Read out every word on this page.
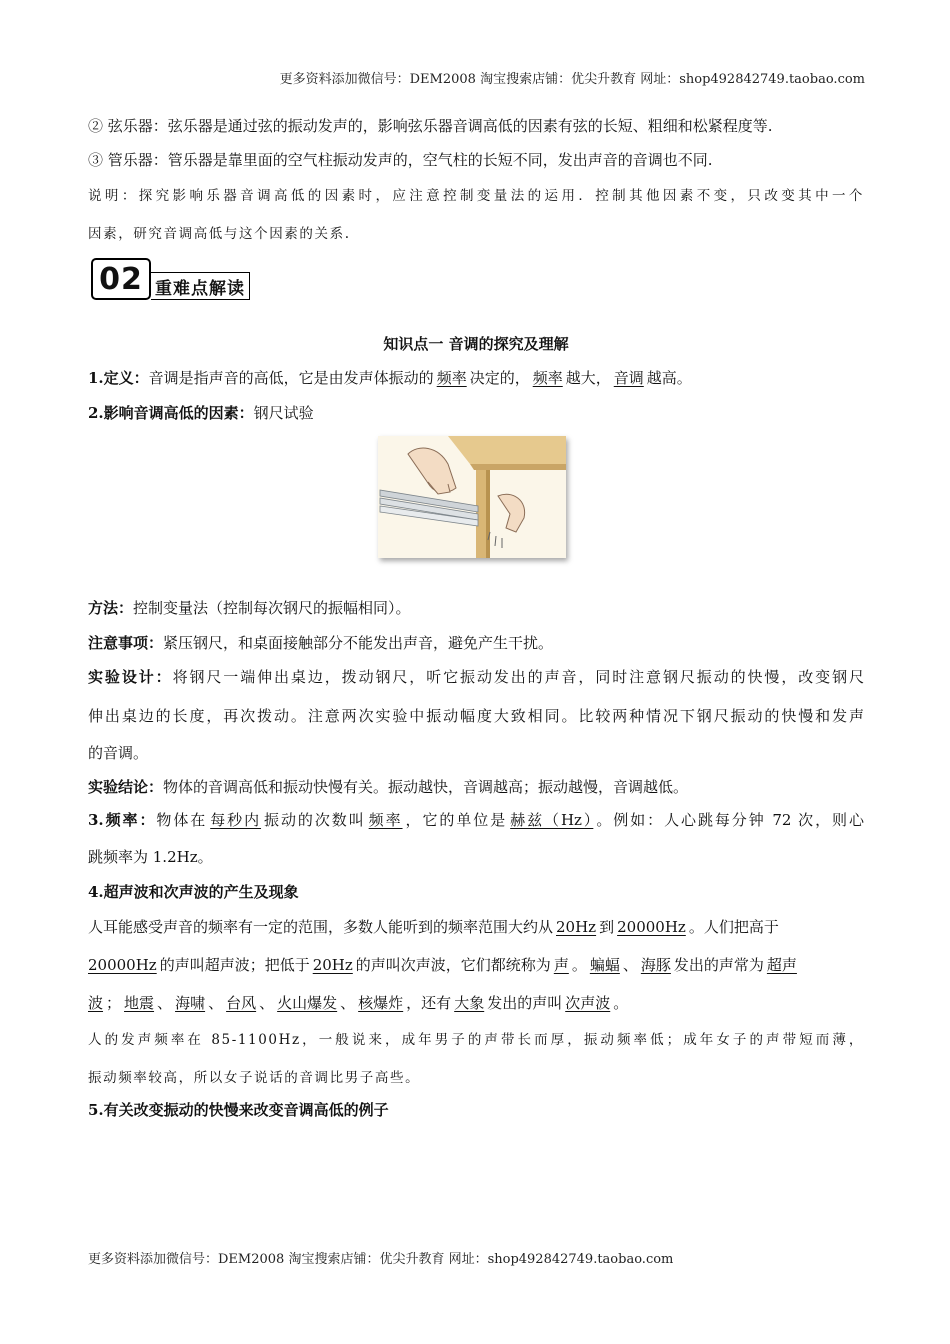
更多资料添加微信号：DEM2008 淘宝搜索店铺：优尖升教育 网址：shop492842749.taobao.com
② 弦乐器：弦乐器是通过弦的振动发声的，影响弦乐器音调高低的因素有弦的长短、粗细和松紧程度等.
③ 管乐器：管乐器是靠里面的空气柱振动发声的，空气柱的长短不同，发出声音的音调也不同.
说明：探究影响乐器音调高低的因素时，应注意控制变量法的运用．控制其他因素不变，只改变其中一个
因素，研究音调高低与这个因素的关系.
02 重难点解读
知识点一 音调的探究及理解
1.定义：音调是指声音的高低，它是由发声体振动的 频率 决定的， 频率 越大， 音调 越高。
2.影响音调高低的因素：钢尺试验
方法：控制变量法（控制每次钢尺的振幅相同）。
注意事项：紧压钢尺，和桌面接触部分不能发出声音，避免产生干扰。
实验设计：将钢尺一端伸出桌边，拨动钢尺，听它振动发出的声音，同时注意钢尺振动的快慢，改变钢尺
伸出桌边的长度，再次拨动。注意两次实验中振动幅度大致相同。比较两种情况下钢尺振动的快慢和发声
的音调。
实验结论：物体的音调高低和振动快慢有关。振动越快，音调越高；振动越慢，音调越低。
3.频率：物体在 每秒内 振动的次数叫 频率 ，它的单位是 赫兹（Hz） 。例如：人心跳每分钟 72 次，则心
跳频率为 1.2Hz。
4.超声波和次声波的产生及现象
人耳能感受声音的频率有一定的范围，多数人能听到的频率范围大约从 20Hz 到 20000Hz 。人们把高于
20000Hz 的声叫超声波；把低于 20Hz 的声叫次声波，它们都统称为 声 。 蝙蝠 、 海豚 发出的声常为 超声
波 ； 地震 、 海啸 、 台风 、 火山爆发 、 核爆炸 ，还有 大象 发出的声叫 次声波 。
人的发声频率在 85-1100Hz，一般说来，成年男子的声带长而厚，振动频率低；成年女子的声带短而薄，
振动频率较高，所以女子说话的音调比男子高些。
5.有关改变振动的快慢来改变音调高低的例子
更多资料添加微信号：DEM2008 淘宝搜索店铺：优尖升教育 网址：shop492842749.taobao.com
